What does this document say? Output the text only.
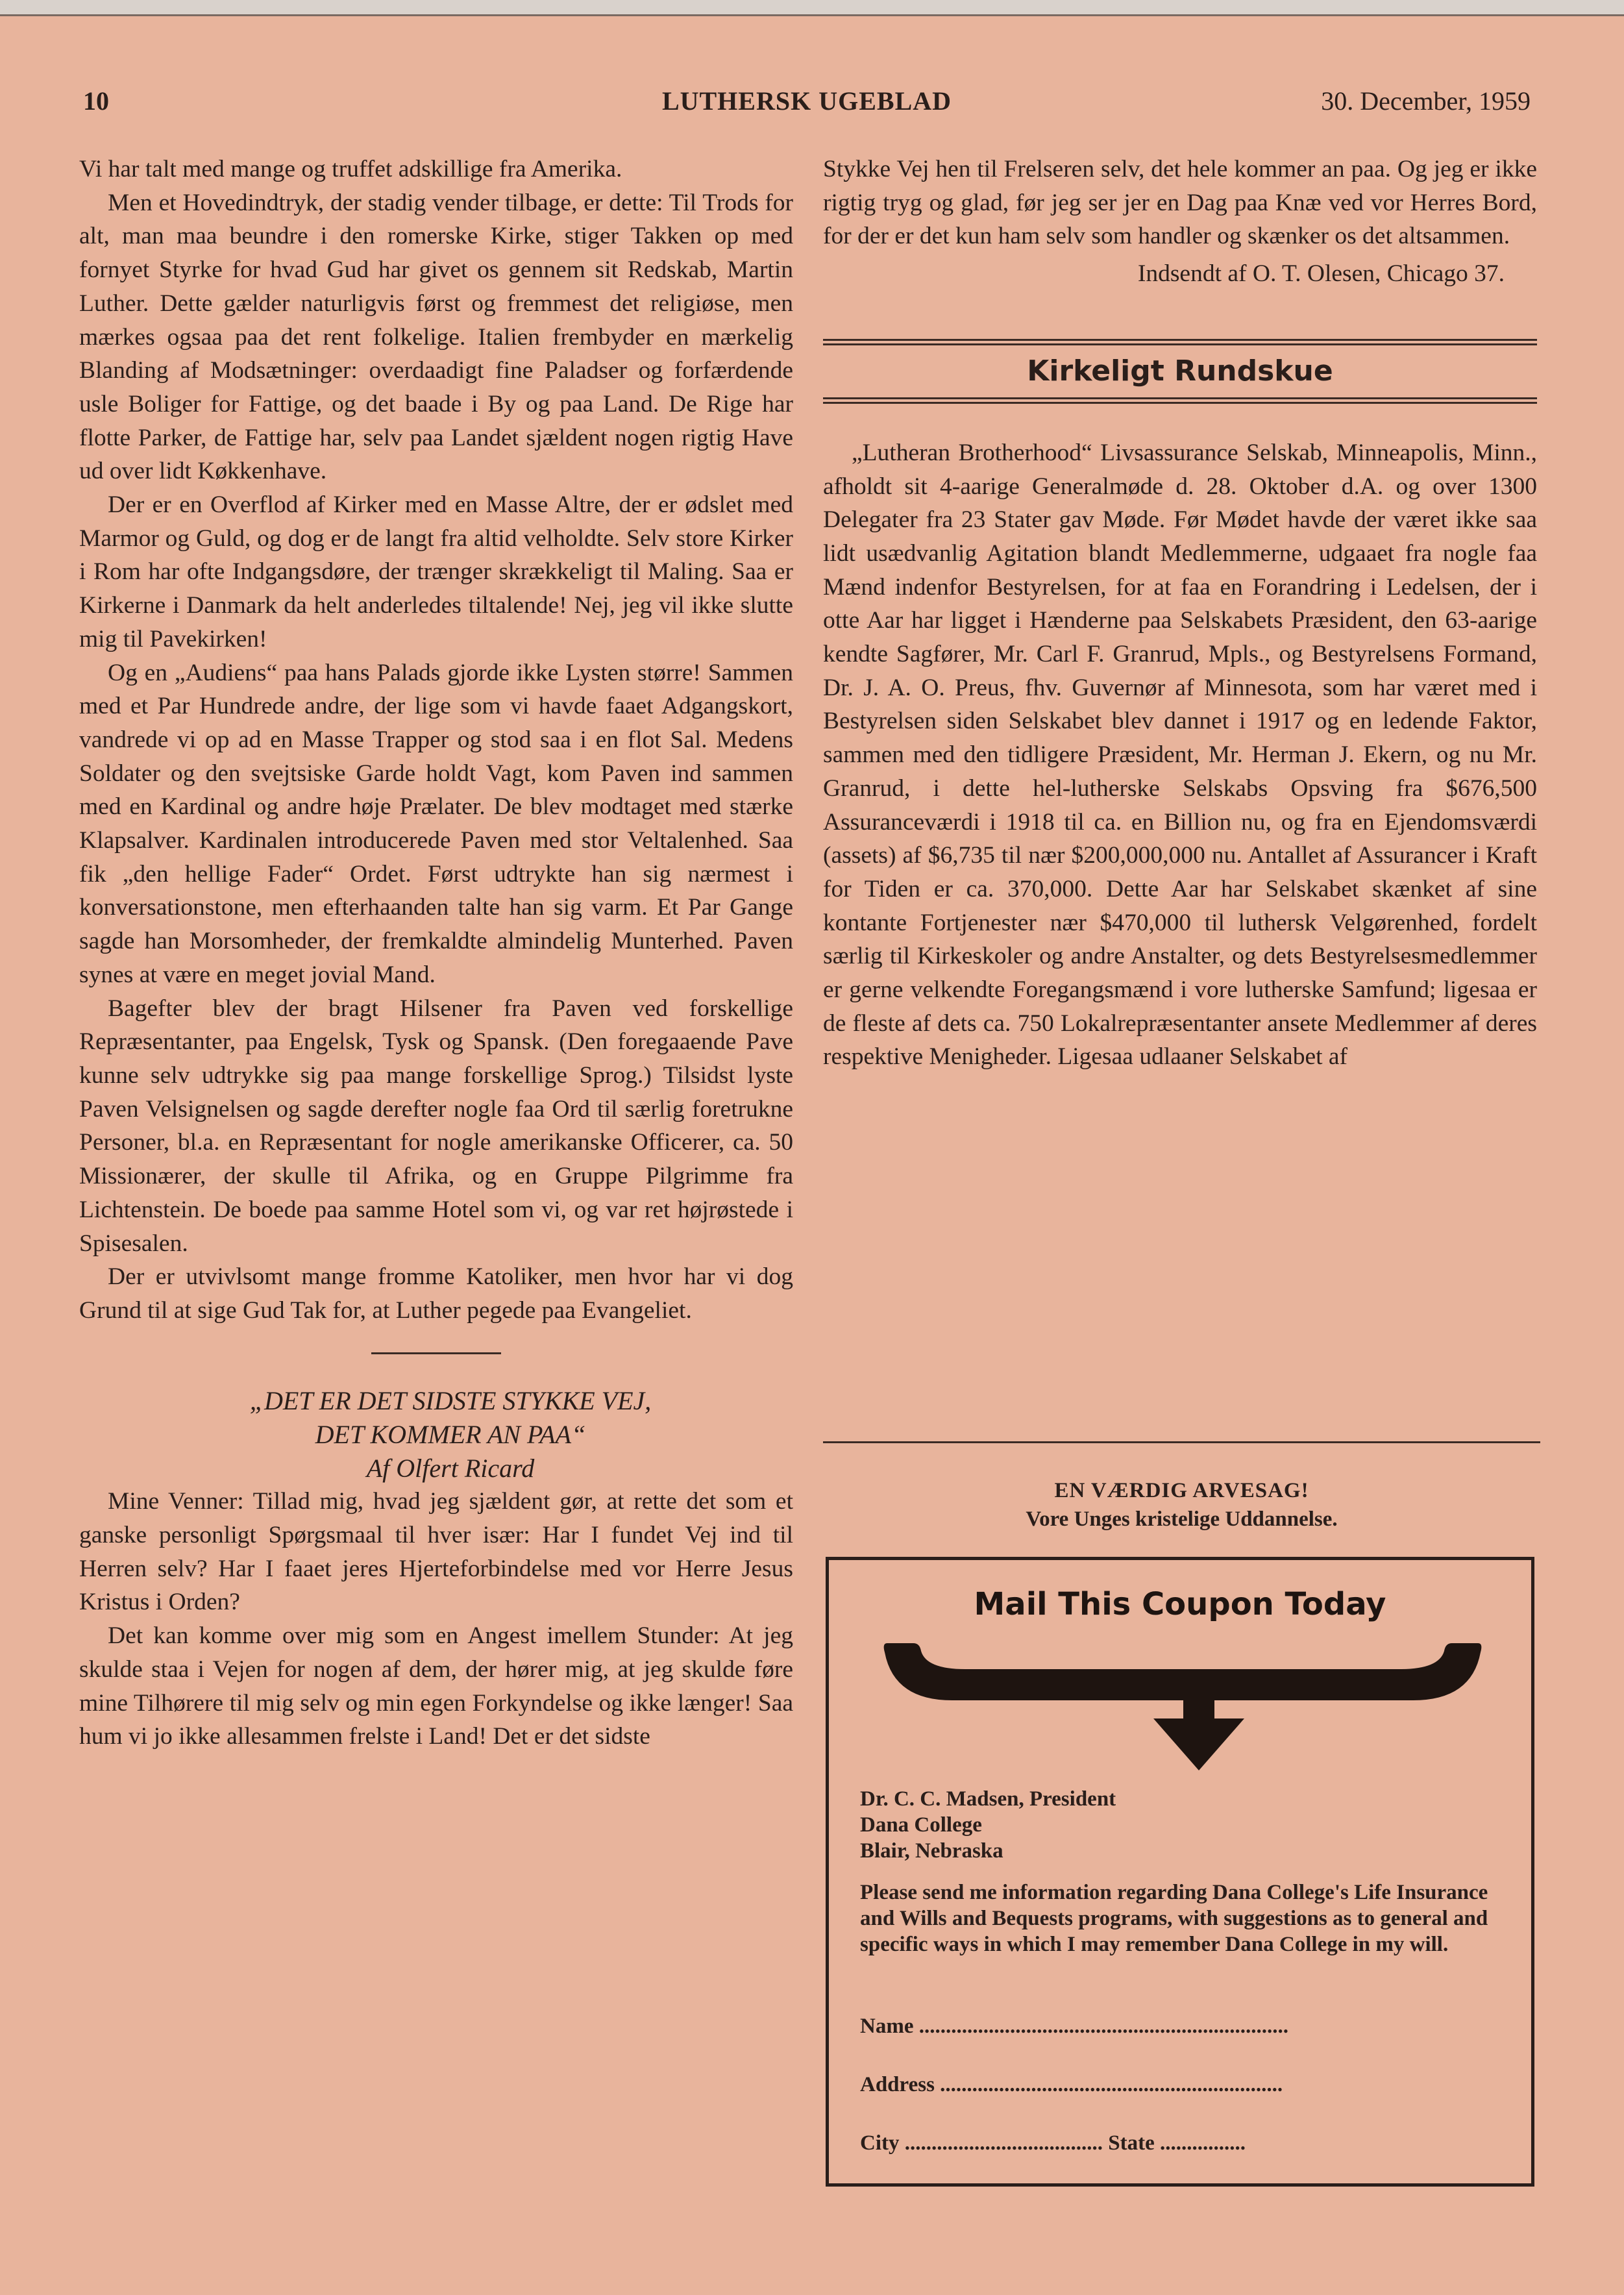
10	LUTHERSK UGEBLAD	30. December, 1959

Vi har talt med mange og truffet adskillige fra Amerika.

Men et Hovedindtryk, der stadig vender tilbage, er dette: Til Trods for alt, man maa beundre i den romerske Kirke, stiger Takken op med fornyet Styrke for hvad Gud har givet os gennem sit Redskab, Martin Luther. Dette gælder naturligvis først og fremmest det religiøse, men mærkes ogsaa paa det rent folkelige. Italien frembyder en mærkelig Blanding af Modsætninger: overdaadigt fine Paladser og forfærdende usle Boliger for Fattige, og det baade i By og paa Land. De Rige har flotte Parker, de Fattige har, selv paa Landet sjældent nogen rigtig Have ud over lidt Køkkenhave.

Der er en Overflod af Kirker med en Masse Altre, der er ødslet med Marmor og Guld, og dog er de langt fra altid velholdte. Selv store Kirker i Rom har ofte Indgangsdøre, der trænger skrækkeligt til Maling. Saa er Kirkerne i Danmark da helt anderledes tiltalende! Nej, jeg vil ikke slutte mig til Pavekirken!

Og en „Audiens“ paa hans Palads gjorde ikke Lysten større! Sammen med et Par Hundrede andre, der lige som vi havde faaet Adgangskort, vandrede vi op ad en Masse Trapper og stod saa i en flot Sal. Medens Soldater og den svejtsiske Garde holdt Vagt, kom Paven ind sammen med en Kardinal og andre høje Prælater. De blev modtaget med stærke Klapsalver. Kardinalen introducerede Paven med stor Veltalenhed. Saa fik „den hellige Fader“ Ordet. Først udtrykte han sig nærmest i konversationstone, men efterhaanden talte han sig varm. Et Par Gange sagde han Morsomheder, der fremkaldte almindelig Munterhed. Paven synes at være en meget jovial Mand.

Bagefter blev der bragt Hilsener fra Paven ved forskellige Repræsentanter, paa Engelsk, Tysk og Spansk. (Den foregaaende Pave kunne selv udtrykke sig paa mange forskellige Sprog.) Tilsidst lyste Paven Velsignelsen og sagde derefter nogle faa Ord til særlig foretrukne Personer, bl.a. en Repræsentant for nogle amerikanske Officerer, ca. 50 Missionærer, der skulle til Afrika, og en Gruppe Pilgrimme fra Lichtenstein. De boede paa samme Hotel som vi, og var ret højrøstede i Spisesalen.

Der er utvivlsomt mange fromme Katoliker, men hvor har vi dog Grund til at sige Gud Tak for, at Luther pegede paa Evangeliet.

„DET ER DET SIDSTE STYKKE VEJ,

DET KOMMER AN PAA“

Af Olfert Ricard

Mine Venner: Tillad mig, hvad jeg sjældent gør, at rette det som et ganske personligt Spørgsmaal til hver især: Har I fundet Vej ind til Herren selv? Har I faaet jeres Hjerteforbindelse med vor Herre Jesus Kristus i Orden?

Det kan komme over mig som en Angest imellem Stunder: At jeg skulde staa i Vejen for nogen af dem, der hører mig, at jeg skulde føre mine Tilhørere til mig selv og min egen Forkyndelse og ikke længer! Saa hum vi jo ikke allesammen frelste i Land! Det er det sidste

Stykke Vej hen til Frelseren selv, det hele kommer an paa. Og jeg er ikke rigtig tryg og glad, før jeg ser jer en Dag paa Knæ ved vor Herres Bord, for der er det kun ham selv som handler og skænker os det altsammen.

Indsendt af O. T. Olesen, Chicago 37.

Kirkeligt Rundskue

„Lutheran Brotherhood“ Livsassurance Selskab, Minneapolis, Minn., afholdt sit 4-aarige Generalmøde d. 28. Oktober d.A. og over 1300 Delegater fra 23 Stater gav Møde. Før Mødet havde der været ikke saa lidt usædvanlig Agitation blandt Medlemmerne, udgaaet fra nogle faa Mænd indenfor Bestyrelsen, for at faa en Forandring i Ledelsen, der i otte Aar har ligget i Hænderne paa Selskabets Præsident, den 63-aarige kendte Sagfører, Mr. Carl F. Granrud, Mpls., og Bestyrelsens Formand, Dr. J. A. O. Preus, fhv. Guvernør af Minnesota, som har været med i Bestyrelsen siden Selskabet blev dannet i 1917 og en ledende Faktor, sammen med den tidligere Præsident, Mr. Herman J. Ekern, og nu Mr. Granrud, i dette hel-lutherske Selskabs Opsving fra $676,500 Assuranceværdi i 1918 til ca. en Billion nu, og fra en Ejendomsværdi (assets) af $6,735 til nær $200,000,000 nu. Antallet af Assurancer i Kraft for Tiden er ca. 370,000. Dette Aar har Selskabet skænket af sine kontante Fortjenester nær $470,000 til luthersk Velgørenhed, fordelt særlig til Kirkeskoler og andre Anstalter, og dets Bestyrelsesmedlemmer er gerne velkendte Foregangsmænd i vore lutherske Samfund; ligesaa er de fleste af dets ca. 750 Lokalrepræsentanter ansete Medlemmer af deres respektive Menigheder. Ligesaa udlaaner Selskabet af

EN VÆRDIG ARVESAG!
Vore Unges kristelige Uddannelse.
Mail This Coupon Today
Dr. C. C. Madsen, President
Dana College
Blair, Nebraska
Please send me information regarding Dana College's Life Insurance and Wills and Bequests programs, with suggestions as to general and specific ways in which I may remember Dana College in my will.
Name .....................................................................
Address ................................................................
City ..................................... State ................
